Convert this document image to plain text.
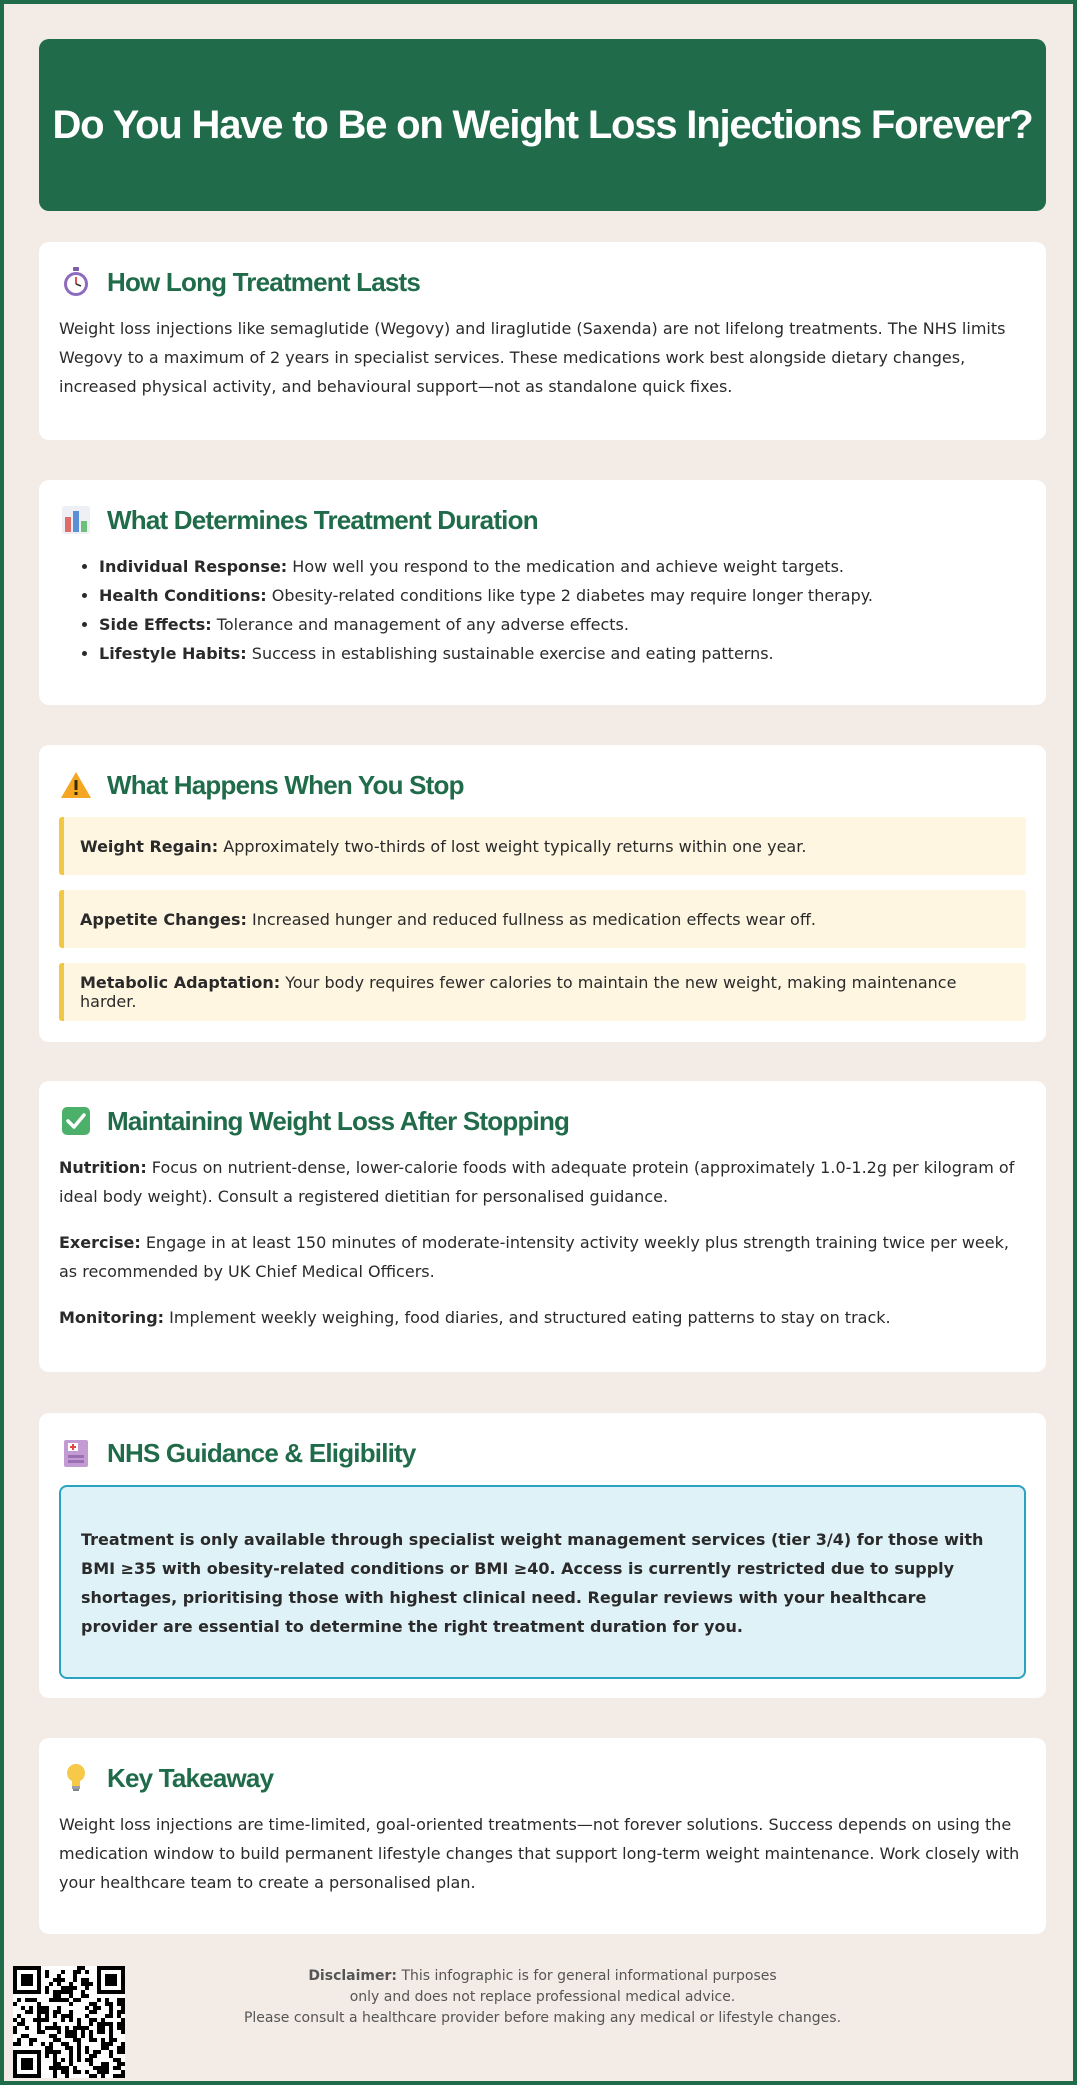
Do You Have to Be on Weight Loss Injections Forever?
How Long Treatment Lasts

Weight loss injections like semaglutide (Wegovy) and liraglutide (Saxenda) are not lifelong treatments. The NHS limits Wegovy to a maximum of 2 years in specialist services. These medications work best alongside dietary changes, increased physical activity, and behavioural support—not as standalone quick fixes.

What Determines Treatment Duration
• Individual Response: How well you respond to the medication and achieve weight targets.
• Health Conditions: Obesity-related conditions like type 2 diabetes may require longer therapy.
• Side Effects: Tolerance and management of any adverse effects.
• Lifestyle Habits: Success in establishing sustainable exercise and eating patterns.
What Happens When You Stop
Weight Regain: Approximately two-thirds of lost weight typically returns within one year.
Appetite Changes: Increased hunger and reduced fullness as medication effects wear off.
Metabolic Adaptation: Your body requires fewer calories to maintain the new weight, making maintenance harder.
Maintaining Weight Loss After Stopping

Nutrition: Focus on nutrient-dense, lower-calorie foods with adequate protein (approximately 1.0-1.2g per kilogram of ideal body weight). Consult a registered dietitian for personalised guidance.

Exercise: Engage in at least 150 minutes of moderate-intensity activity weekly plus strength training twice per week, as recommended by UK Chief Medical Officers.

Monitoring: Implement weekly weighing, food diaries, and structured eating patterns to stay on track.

NHS Guidance & Eligibility
Treatment is only available through specialist weight management services (tier 3/4) for those with BMI ≥35 with obesity-related conditions or BMI ≥40. Access is currently restricted due to supply shortages, prioritising those with highest clinical need. Regular reviews with your healthcare provider are essential to determine the right treatment duration for you.
Key Takeaway

Weight loss injections are time-limited, goal-oriented treatments—not forever solutions. Success depends on using the medication window to build permanent lifestyle changes that support long-term weight maintenance. Work closely with your healthcare team to create a personalised plan.

Disclaimer: This infographic is for general informational purposes
only and does not replace professional medical advice.
Please consult a healthcare provider before making any medical or lifestyle changes.
